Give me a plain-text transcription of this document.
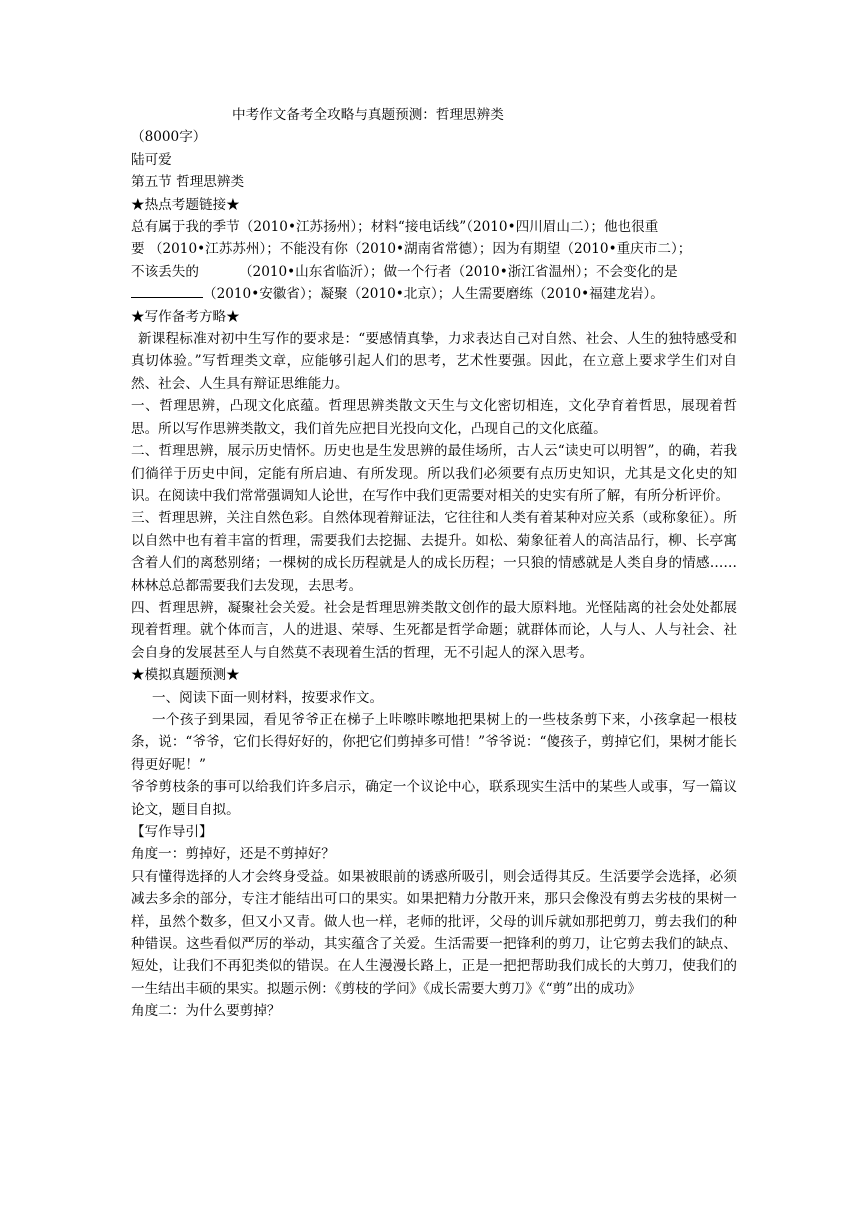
中考作文备考全攻略与真题预测：哲理思辨类
（8000字）
陆可爱
第五节 哲理思辨类
★热点考题链接★
总有属于我的季节（2010•江苏扬州）；材料“接电话线”（2010•四川眉山二）；他也很重
要 （2010•江苏苏州）；不能没有你（2010•湖南省常德）；因为有期望（2010•重庆市二）；
不该丢失的	（2010•山东省临沂）；做一个行者（2010•浙江省温州）；不会变化的是
（2010•安徽省）；凝聚（2010•北京）；人生需要磨练（2010•福建龙岩）。
★写作备考方略★

新课程标准对初中生写作的要求是：“要感情真挚，力求表达自己对自然、社会、人生的独特感受和真切体验。”写哲理类文章，应能够引起人们的思考，艺术性要强。因此，在立意上要求学生们对自然、社会、人生具有辩证思维能力。

一、哲理思辨，凸现文化底蕴。哲理思辨类散文天生与文化密切相连，文化孕育着哲思，展现着哲思。所以写作思辨类散文，我们首先应把目光投向文化，凸现自己的文化底蕴。

二、哲理思辨，展示历史情怀。历史也是生发思辨的最佳场所，古人云“读史可以明智”，的确，若我们徜徉于历史中间，定能有所启迪、有所发现。所以我们必须要有点历史知识，尤其是文化史的知识。在阅读中我们常常强调知人论世，在写作中我们更需要对相关的史实有所了解，有所分析评价。

三、哲理思辨，关注自然色彩。自然体现着辩证法，它往往和人类有着某种对应关系（或称象征）。所以自然中也有着丰富的哲理，需要我们去挖掘、去提升。如松、菊象征着人的高洁品行，柳、长亭寓含着人们的离愁别绪；一棵树的成长历程就是人的成长历程；一只狼的情感就是人类自身的情感……林林总总都需要我们去发现，去思考。

四、哲理思辨，凝聚社会关爱。社会是哲理思辨类散文创作的最大原料地。光怪陆离的社会处处都展现着哲理。就个体而言，人的进退、荣辱、生死都是哲学命题；就群体而论，人与人、人与社会、社会自身的发展甚至人与自然莫不表现着生活的哲理，无不引起人的深入思考。

★模拟真题预测★

一、阅读下面一则材料，按要求作文。

一个孩子到果园，看见爷爷正在梯子上咔嚓咔嚓地把果树上的一些枝条剪下来，小孩拿起一根枝条，说：“爷爷，它们长得好好的，你把它们剪掉多可惜！”爷爷说：“傻孩子，剪掉它们，果树才能长得更好呢！”

爷爷剪枝条的事可以给我们许多启示，确定一个议论中心，联系现实生活中的某些人或事，写一篇议论文，题目自拟。

【写作导引】
角度一：剪掉好，还是不剪掉好？

只有懂得选择的人才会终身受益。如果被眼前的诱惑所吸引，则会适得其反。生活要学会选择，必须减去多余的部分，专注才能结出可口的果实。如果把精力分散开来，那只会像没有剪去劣枝的果树一样，虽然个数多，但又小又青。做人也一样，老师的批评，父母的训斥就如那把剪刀，剪去我们的种种错误。这些看似严厉的举动，其实蕴含了关爱。生活需要一把锋利的剪刀，让它剪去我们的缺点、短处，让我们不再犯类似的错误。在人生漫漫长路上，正是一把把帮助我们成长的大剪刀，使我们的一生结出丰硕的果实。拟题示例：《剪枝的学问》《成长需要大剪刀》《“剪”出的成功》

角度二：为什么要剪掉？
